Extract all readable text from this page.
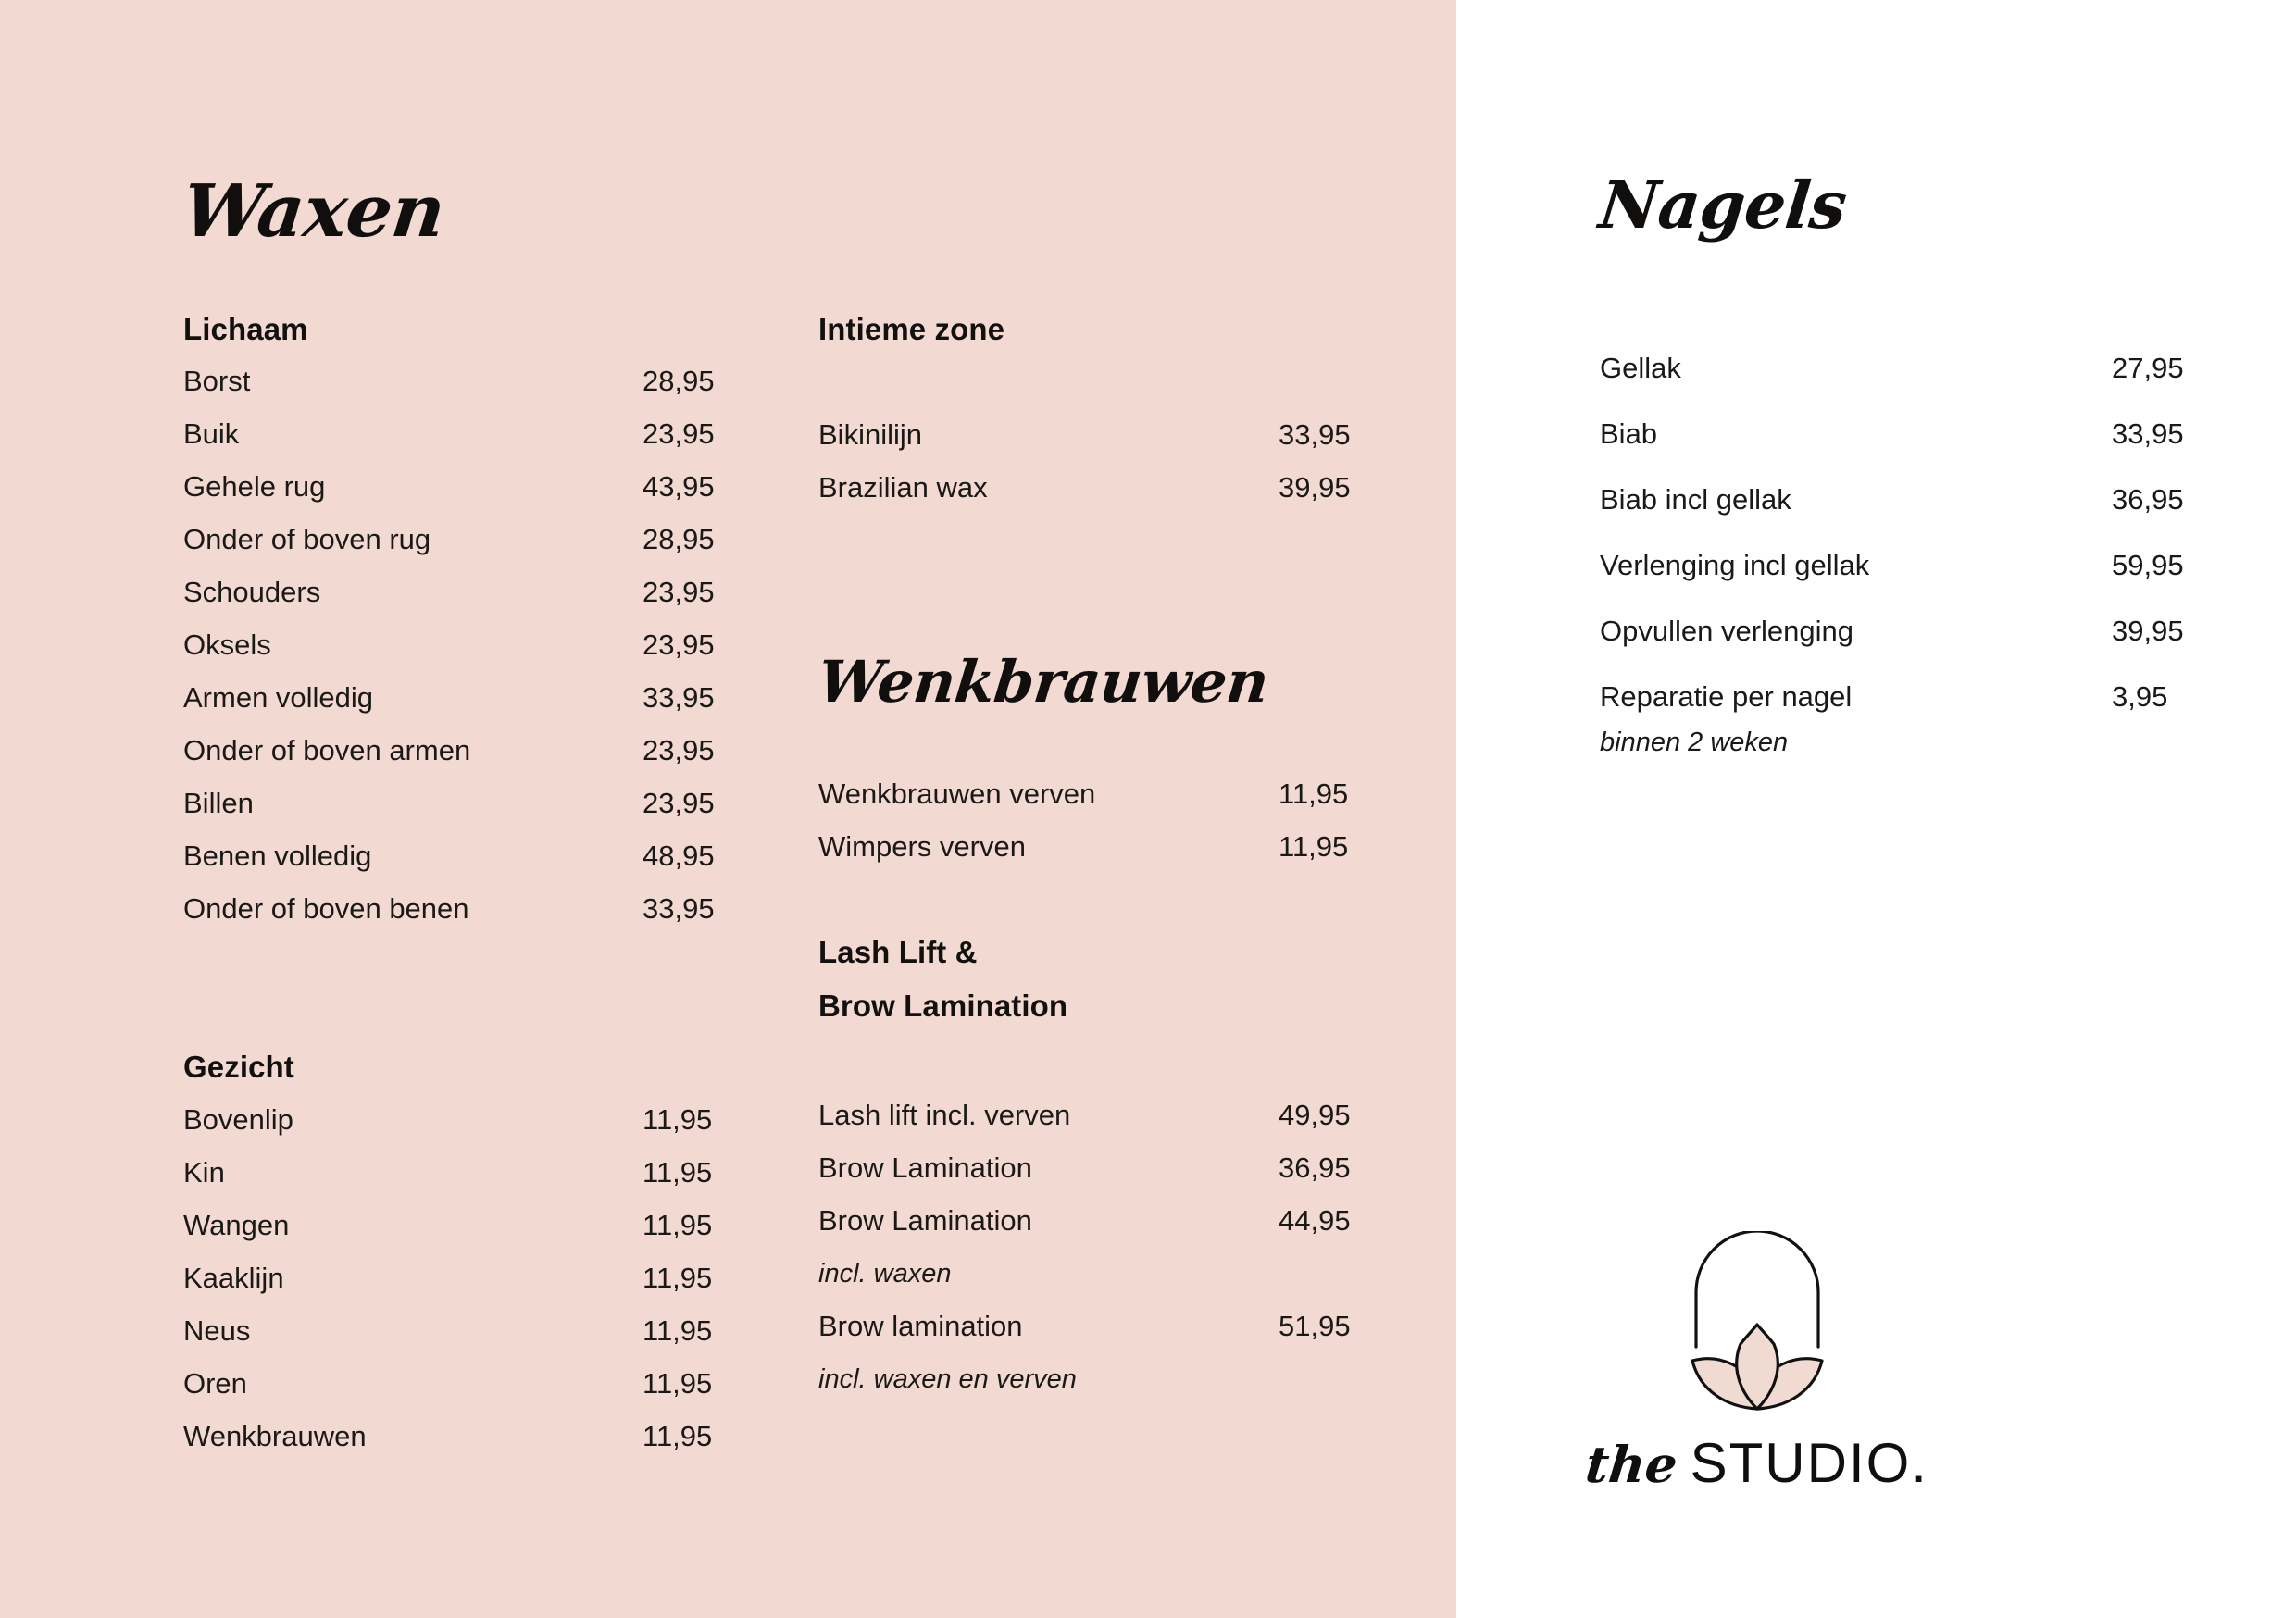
Waxen
Lichaam
Borst	28,95
Buik	23,95
Gehele rug	43,95
Onder of boven rug	28,95
Schouders	23,95
Oksels	23,95
Armen volledig	33,95
Onder of boven armen	23,95
Billen	23,95
Benen volledig	48,95
Onder of boven benen	33,95
Gezicht
Bovenlip	11,95
Kin	11,95
Wangen	11,95
Kaaklijn	11,95
Neus	11,95
Oren	11,95
Wenkbrauwen	11,95
Intieme zone
Bikinilijn	33,95
Brazilian wax	39,95
Wenkbrauwen
Wenkbrauwen verven	11,95
Wimpers verven	11,95
Lash Lift &
Brow Lamination
Lash lift incl. verven	49,95
Brow Lamination	36,95
Brow Lamination	44,95
incl. waxen
Brow lamination	51,95
incl. waxen en verven
Nagels
Gellak	27,95
Biab	33,95
Biab incl gellak	36,95
Verlenging incl gellak	59,95
Opvullen verlenging	39,95
Reparatie per nagel	3,95
binnen 2 weken
the STUDIO.
